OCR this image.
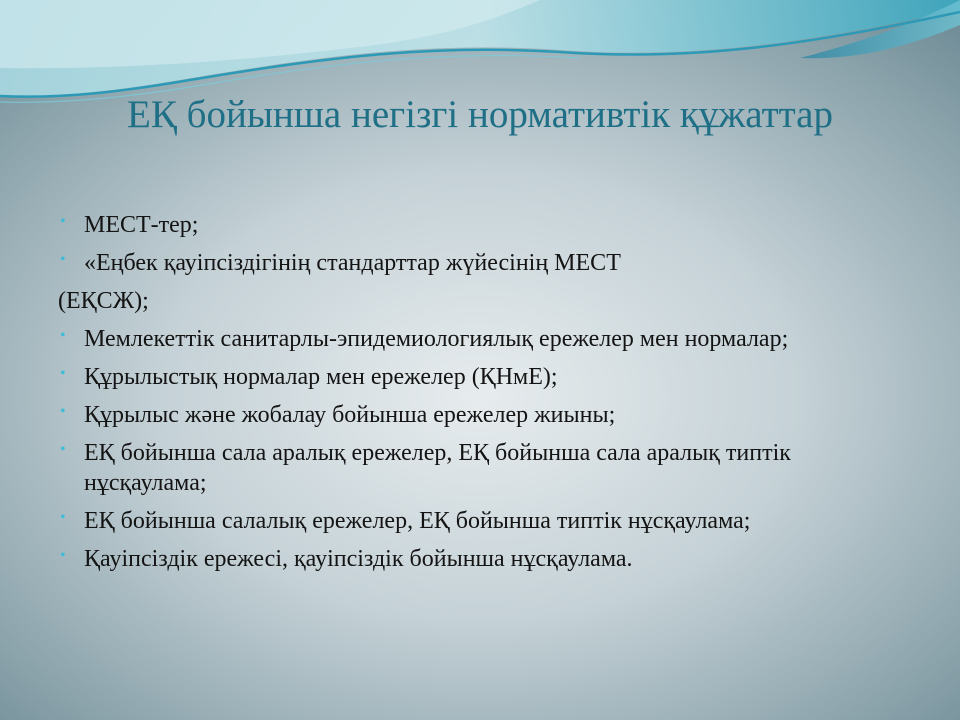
ЕҚ бойынша негізгі нормативтік құжаттар
• МЕСТ-тер;
• «Еңбек қауіпсіздігінің стандарттар жүйесінің МЕСТ
(ЕҚСЖ);
• Мемлекеттік санитарлы-эпидемиологиялық ережелер мен нормалар;
• Құрылыстық нормалар мен ережелер (ҚНмЕ);
• Құрылыс және жобалау бойынша ережелер жиыны;
• ЕҚ бойынша сала аралық ережелер, ЕҚ бойынша сала аралық типтік нұсқаулама;
• ЕҚ бойынша салалық ережелер, ЕҚ бойынша типтік нұсқаулама;
• Қауіпсіздік ережесі, қауіпсіздік бойынша нұсқаулама.
